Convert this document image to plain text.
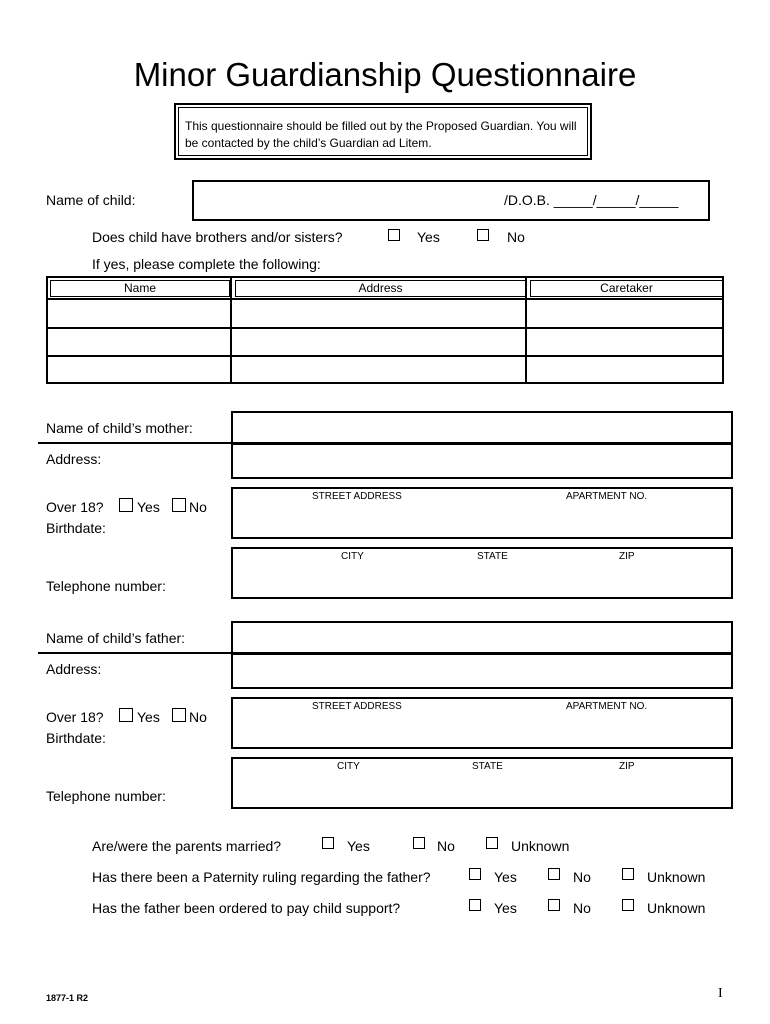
Minor Guardianship Questionnaire
This questionnaire should be filled out by the Proposed Guardian. You will be contacted by the child’s Guardian ad Litem.
Name of child:	/D.O.B. _____/_____/_____
Does child have brothers and/or sisters?	Yes	No
If yes, please complete the following:
Name	Address	Caretaker
Name of child’s mother:
Address:
STREET ADDRESS	APARTMENT NO.
Over 18? Yes No
Birthdate:
CITY	STATE	ZIP
Telephone number:
Name of child’s father:
Address:
STREET ADDRESS	APARTMENT NO.
Over 18? Yes No
Birthdate:
CITY	STATE	ZIP
Telephone number:
Are/were the parents married?	Yes	No	Unknown
Has there been a Paternity ruling regarding the father?	Yes	No	Unknown
Has the father been ordered to pay child support?	Yes	No	Unknown
1877-1 R2	I
